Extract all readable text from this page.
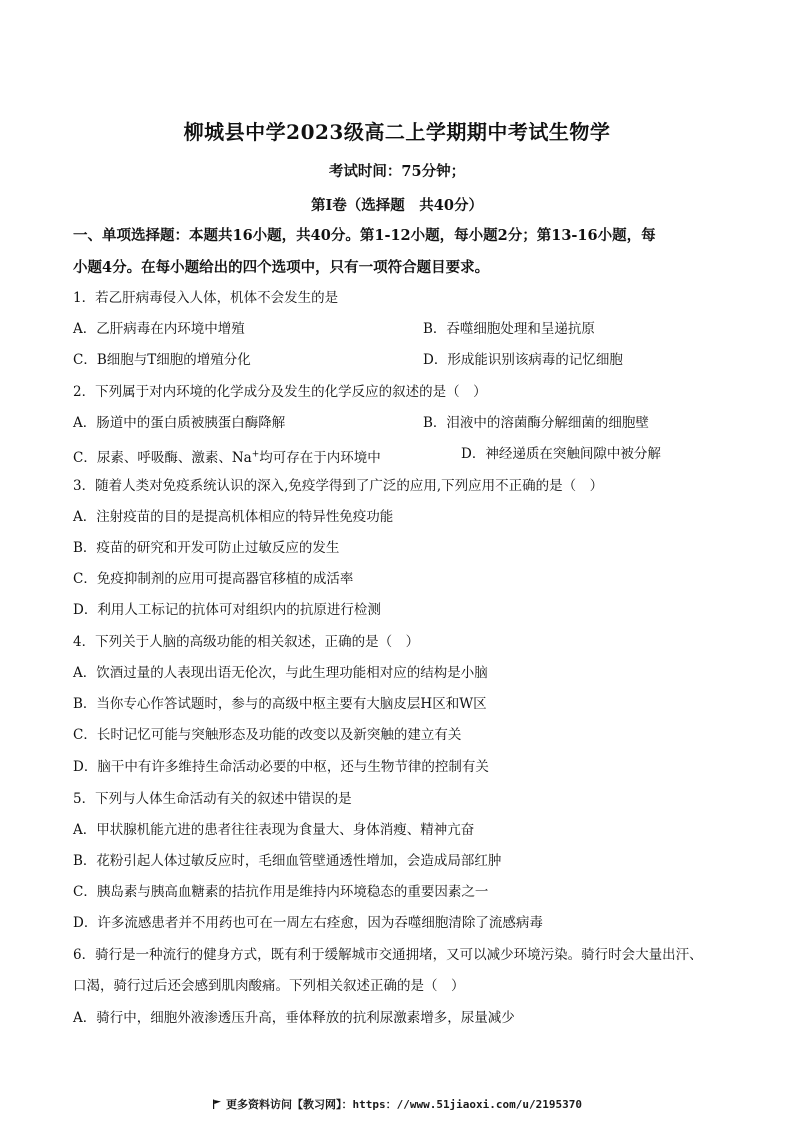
柳城县中学2023级高二上学期期中考试生物学
考试时间：75分钟；
第Ⅰ卷（选择题　共40分）
一、单项选择题：本题共16小题，共40分。第1-12小题，每小题2分；第13-16小题，每
小题4分。在每小题给出的四个选项中，只有一项符合题目要求。
1．若乙肝病毒侵入人体，机体不会发生的是
A．乙肝病毒在内环境中增殖	B．吞噬细胞处理和呈递抗原
C．B细胞与T细胞的增殖分化	D．形成能识别该病毒的记忆细胞
2．下列属于对内环境的化学成分及发生的化学反应的叙述的是（　）
A．肠道中的蛋白质被胰蛋白酶降解	B．泪液中的溶菌酶分解细菌的细胞壁
C．尿素、呼吸酶、激素、Na+均可存在于内环境中	D．神经递质在突触间隙中被分解
3．随着人类对免疫系统认识的深入,免疫学得到了广泛的应用,下列应用不正确的是（　）
A．注射疫苗的目的是提高机体相应的特异性免疫功能
B．疫苗的研究和开发可防止过敏反应的发生
C．免疫抑制剂的应用可提高器官移植的成活率
D．利用人工标记的抗体可对组织内的抗原进行检测
4．下列关于人脑的高级功能的相关叙述，正确的是（　）
A．饮酒过量的人表现出语无伦次，与此生理功能相对应的结构是小脑
B．当你专心作答试题时，参与的高级中枢主要有大脑皮层H区和W区
C．长时记忆可能与突触形态及功能的改变以及新突触的建立有关
D．脑干中有许多维持生命活动必要的中枢，还与生物节律的控制有关
5．下列与人体生命活动有关的叙述中错误的是
A．甲状腺机能亢进的患者往往表现为食量大、身体消瘦、精神亢奋
B．花粉引起人体过敏反应时，毛细血管壁通透性增加，会造成局部红肿
C．胰岛素与胰高血糖素的拮抗作用是维持内环境稳态的重要因素之一
D．许多流感患者并不用药也可在一周左右痊愈，因为吞噬细胞清除了流感病毒
6．骑行是一种流行的健身方式，既有利于缓解城市交通拥堵，又可以减少环境污染。骑行时会大量出汗、
口渴，骑行过后还会感到肌肉酸痛。下列相关叙述正确的是（　）
A．骑行中，细胞外液渗透压升高，垂体释放的抗利尿激素增多，尿量减少
更多资料访问【教习网】：https：//www.51jiaoxi.com/u/2195370
